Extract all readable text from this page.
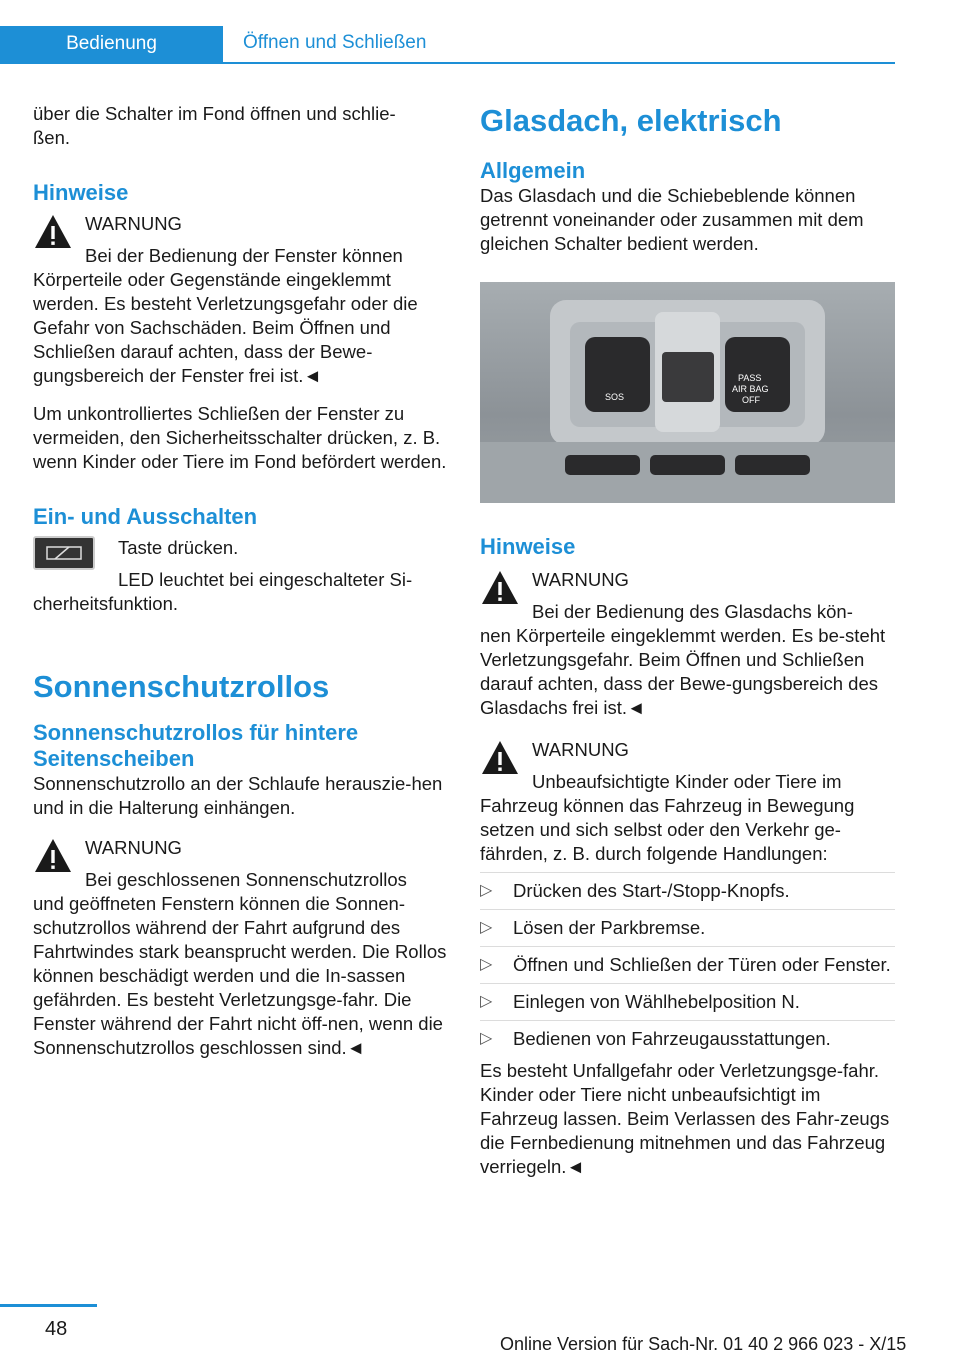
Bedienung	Öffnen und Schließen

über die Schalter im Fond öffnen und schlie-
ßen.

Hinweise

WARNUNG

Bei der Bedienung der Fenster können

Körperteile oder Gegenstände eingeklemmt werden. Es besteht Verletzungsgefahr oder die Gefahr von Sachschäden. Beim Öffnen und Schließen darauf achten, dass der Bewe-gungsbereich der Fenster frei ist.◄

Um unkontrolliertes Schließen der Fenster zu vermeiden, den Sicherheitsschalter drücken, z. B. wenn Kinder oder Tiere im Fond befördert werden.

Ein- und Ausschalten

Taste drücken.

LED leuchtet bei eingeschalteter Si-

cherheitsfunktion.

Sonnenschutzrollos

Sonnenschutzrollos für hintere Seitenscheiben

Sonnenschutzrollo an der Schlaufe herauszie-hen und in die Halterung einhängen.

WARNUNG

Bei geschlossenen Sonnenschutzrollos

und geöffneten Fenstern können die Sonnen-schutzrollos während der Fahrt aufgrund des Fahrtwindes stark beansprucht werden. Die Rollos können beschädigt werden und die In-sassen gefährden. Es besteht Verletzungsge-fahr. Die Fenster während der Fahrt nicht öff-nen, wenn die Sonnenschutzrollos geschlossen sind.◄

Glasdach, elektrisch

Allgemein

Das Glasdach und die Schiebeblende können getrennt voneinander oder zusammen mit dem gleichen Schalter bedient werden.

SOS
PASS
AIR BAG
OFF

Hinweise

WARNUNG

Bei der Bedienung des Glasdachs kön-

nen Körperteile eingeklemmt werden. Es be-steht Verletzungsgefahr. Beim Öffnen und Schließen darauf achten, dass der Bewe-gungsbereich des Glasdachs frei ist.◄

WARNUNG

Unbeaufsichtigte Kinder oder Tiere im

Fahrzeug können das Fahrzeug in Bewegung setzen und sich selbst oder den Verkehr ge-fährden, z. B. durch folgende Handlungen:

▷ Drücken des Start-/Stopp-Knopfs.
▷ Lösen der Parkbremse.
▷ Öffnen und Schließen der Türen oder Fenster.
▷ Einlegen von Wählhebelposition N.
▷ Bedienen von Fahrzeugausstattungen.

Es besteht Unfallgefahr oder Verletzungsge-fahr. Kinder oder Tiere nicht unbeaufsichtigt im Fahrzeug lassen. Beim Verlassen des Fahr-zeugs die Fernbedienung mitnehmen und das Fahrzeug verriegeln.◄

48
Online Version für Sach-Nr. 01 40 2 966 023 - X/15
